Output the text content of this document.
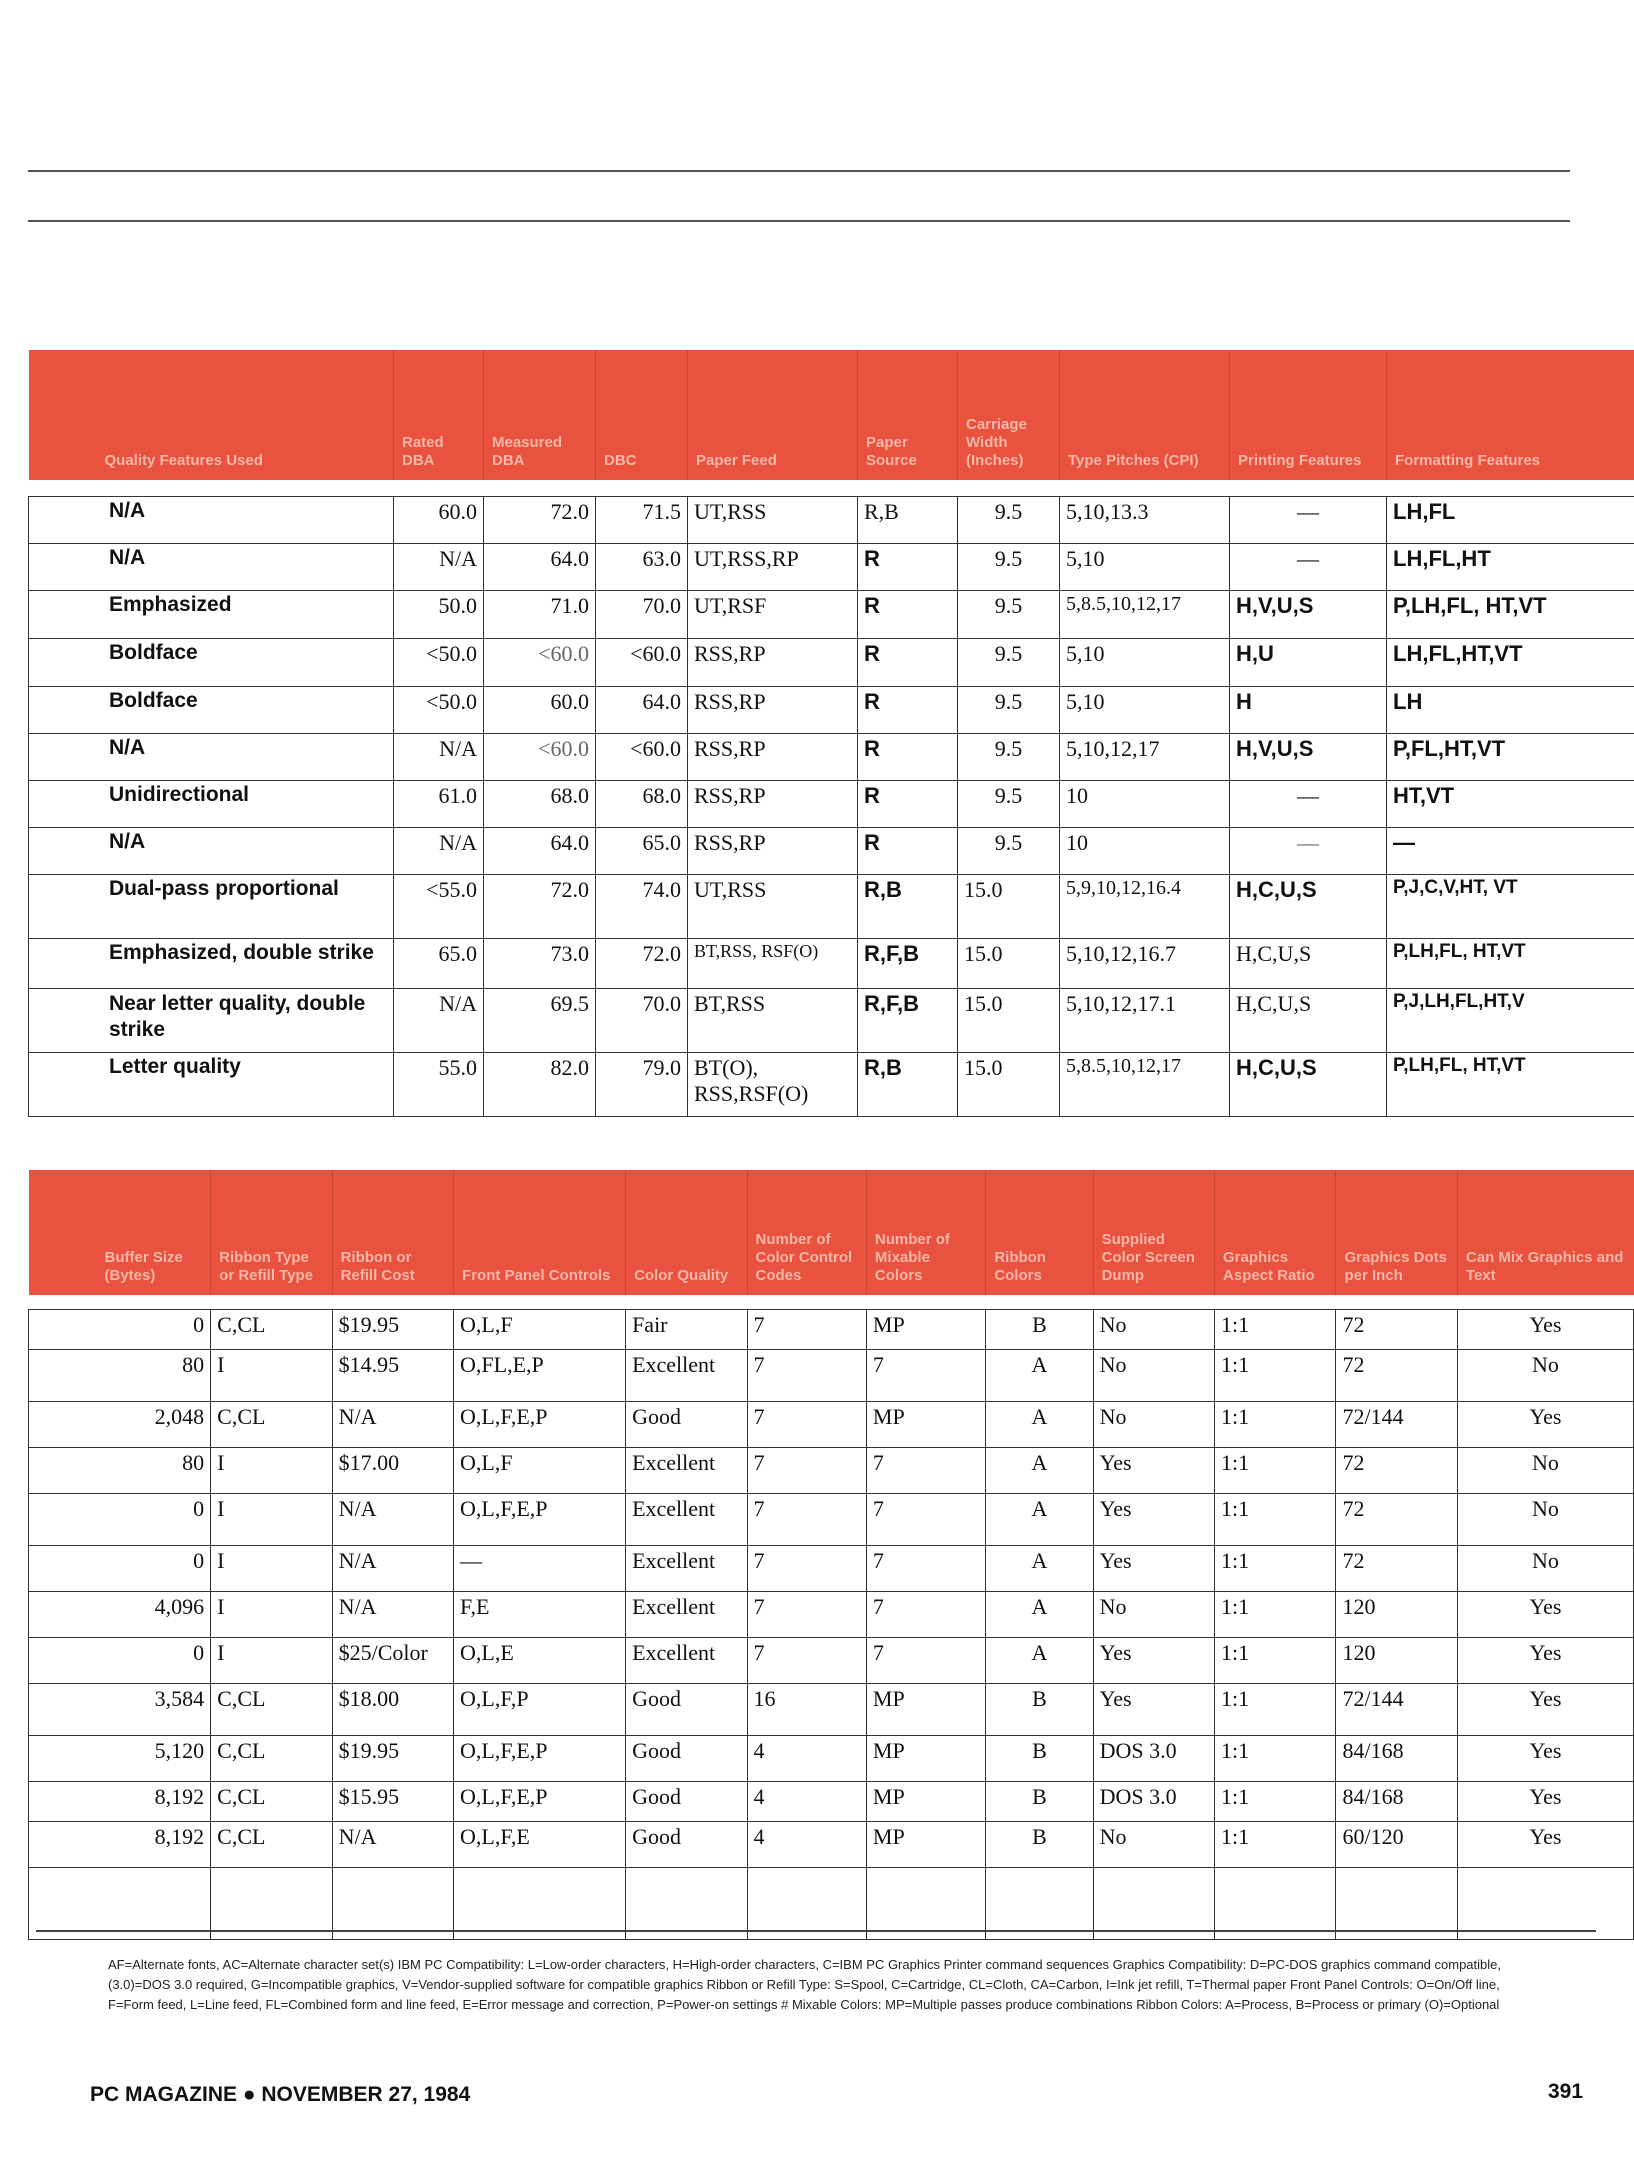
Quality Features Used	Rated DBA	Measured DBA	DBC	Paper Feed	Paper Source	Carriage Width (Inches)	Type Pitches (CPI)	Printing Features	Formatting Features

N/A	60.0	72.0	71.5	UT,RSS	R,B	9.5	5,10,13.3	—	LH,FL
N/A	N/A	64.0	63.0	UT,RSS,RP	R	9.5	5,10	—	LH,FL,HT
Emphasized	50.0	71.0	70.0	UT,RSF	R	9.5	5,8.5,10,12,17	H,V,U,S	P,LH,FL, HT,VT
Boldface	<50.0	<60.0	<60.0	RSS,RP	R	9.5	5,10	H,U	LH,FL,HT,VT
Boldface	<50.0	60.0	64.0	RSS,RP	R	9.5	5,10	H	LH
N/A	N/A	<60.0	<60.0	RSS,RP	R	9.5	5,10,12,17	H,V,U,S	P,FL,HT,VT
Unidirectional	61.0	68.0	68.0	RSS,RP	R	9.5	10	—	HT,VT
N/A	N/A	64.0	65.0	RSS,RP	R	9.5	10	—	—
Dual-pass proportional	<55.0	72.0	74.0	UT,RSS	R,B	15.0	5,9,10,12,16.4	H,C,U,S	P,J,C,V,HT, VT
Emphasized, double strike	65.0	73.0	72.0	BT,RSS, RSF(O)	R,F,B	15.0	5,10,12,16.7	H,C,U,S	P,LH,FL, HT,VT
Near letter quality, double strike	N/A	69.5	70.0	BT,RSS	R,F,B	15.0	5,10,12,17.1	H,C,U,S	P,J,LH,FL,HT,V
Letter quality	55.0	82.0	79.0	BT(O), RSS,RSF(O)	R,B	15.0	5,8.5,10,12,17	H,C,U,S	P,LH,FL, HT,VT
Buffer Size (Bytes)	Ribbon Type or Refill Type	Ribbon or Refill Cost	Front Panel Controls	Color Quality	Number of Color Control Codes	Number of Mixable Colors	Ribbon Colors	Supplied Color Screen Dump	Graphics Aspect Ratio	Graphics Dots per Inch	Can Mix Graphics and Text

0	C,CL	$19.95	O,L,F	Fair	7	MP	B	No	1:1	72	Yes
80	I	$14.95	O,FL,E,P	Excellent	7	7	A	No	1:1	72	No
2,048	C,CL	N/A	O,L,F,E,P	Good	7	MP	A	No	1:1	72/144	Yes
80	I	$17.00	O,L,F	Excellent	7	7	A	Yes	1:1	72	No
0	I	N/A	O,L,F,E,P	Excellent	7	7	A	Yes	1:1	72	No
0	I	N/A	—	Excellent	7	7	A	Yes	1:1	72	No
4,096	I	N/A	F,E	Excellent	7	7	A	No	1:1	120	Yes
0	I	$25/Color	O,L,E	Excellent	7	7	A	Yes	1:1	120	Yes
3,584	C,CL	$18.00	O,L,F,P	Good	16	MP	B	Yes	1:1	72/144	Yes
5,120	C,CL	$19.95	O,L,F,E,P	Good	4	MP	B	DOS 3.0	1:1	84/168	Yes
8,192	C,CL	$15.95	O,L,F,E,P	Good	4	MP	B	DOS 3.0	1:1	84/168	Yes
8,192	C,CL	N/A	O,L,F,E	Good	4	MP	B	No	1:1	60/120	Yes

AF=Alternate fonts, AC=Alternate character set(s) IBM PC Compatibility: L=Low-order characters, H=High-order characters, C=IBM PC Graphics Printer command sequences Graphics Compatibility: D=PC-DOS graphics command compatible, (3.0)=DOS 3.0 required, G=Incompatible graphics, V=Vendor-supplied software for compatible graphics Ribbon or Refill Type: S=Spool, C=Cartridge, CL=Cloth, CA=Carbon, I=Ink jet refill, T=Thermal paper Front Panel Controls: O=On/Off line, F=Form feed, L=Line feed, FL=Combined form and line feed, E=Error message and correction, P=Power-on settings # Mixable Colors: MP=Multiple passes produce combinations Ribbon Colors: A=Process, B=Process or primary (O)=Optional
PC MAGAZINE ● NOVEMBER 27, 1984	391
